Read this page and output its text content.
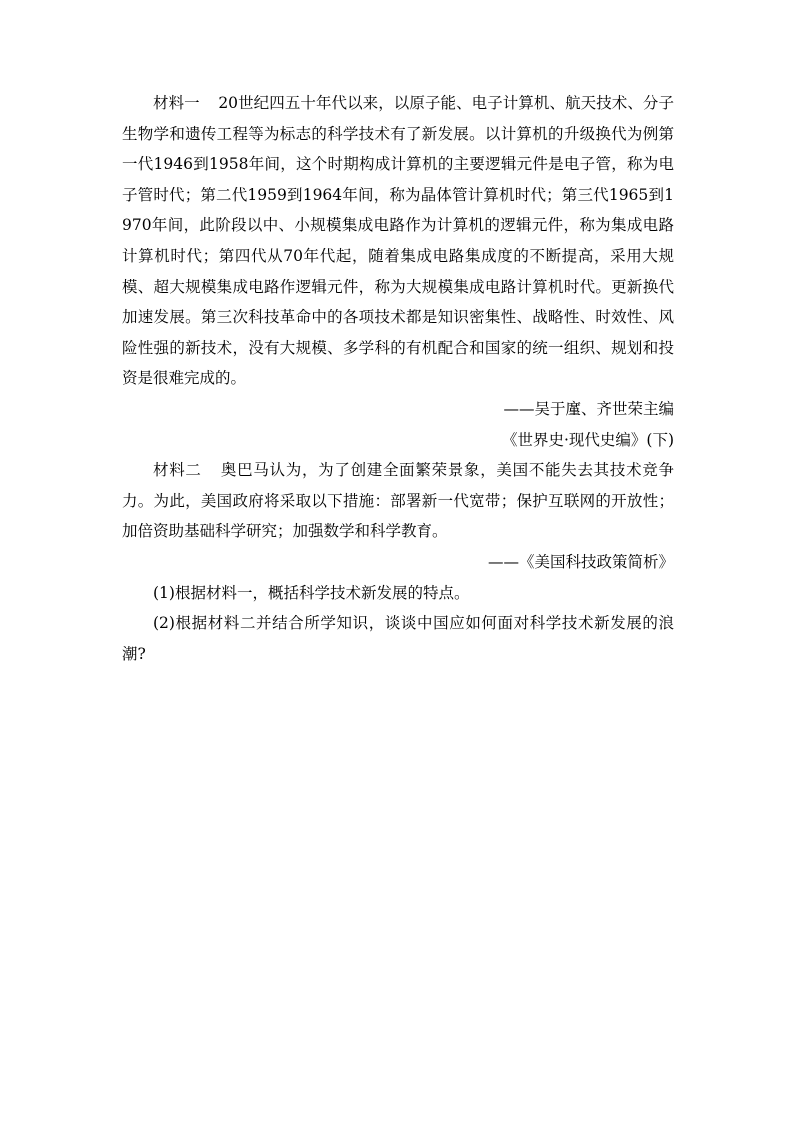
材料一 20世纪四五十年代以来，以原子能、电子计算机、航天技术、分子生物学和遗传工程等为标志的科学技术有了新发展。以计算机的升级换代为例第一代1946到1958年间，这个时期构成计算机的主要逻辑元件是电子管，称为电子管时代；第二代1959到1964年间，称为晶体管计算机时代；第三代1965到1970年间，此阶段以中、小规模集成电路作为计算机的逻辑元件，称为集成电路计算机时代；第四代从70年代起，随着集成电路集成度的不断提高，采用大规模、超大规模集成电路作逻辑元件，称为大规模集成电路计算机时代。更新换代加速发展。第三次科技革命中的各项技术都是知识密集性、战略性、时效性、风险性强的新技术，没有大规模、多学科的有机配合和国家的统一组织、规划和投资是很难完成的。

——吴于廑、齐世荣主编

《世界史·现代史编》(下)

材料二 奥巴马认为，为了创建全面繁荣景象，美国不能失去其技术竞争力。为此，美国政府将采取以下措施：部署新一代宽带；保护互联网的开放性；加倍资助基础科学研究；加强数学和科学教育。

——《美国科技政策简析》

(1)根据材料一，概括科学技术新发展的特点。

(2)根据材料二并结合所学知识，谈谈中国应如何面对科学技术新发展的浪潮?
